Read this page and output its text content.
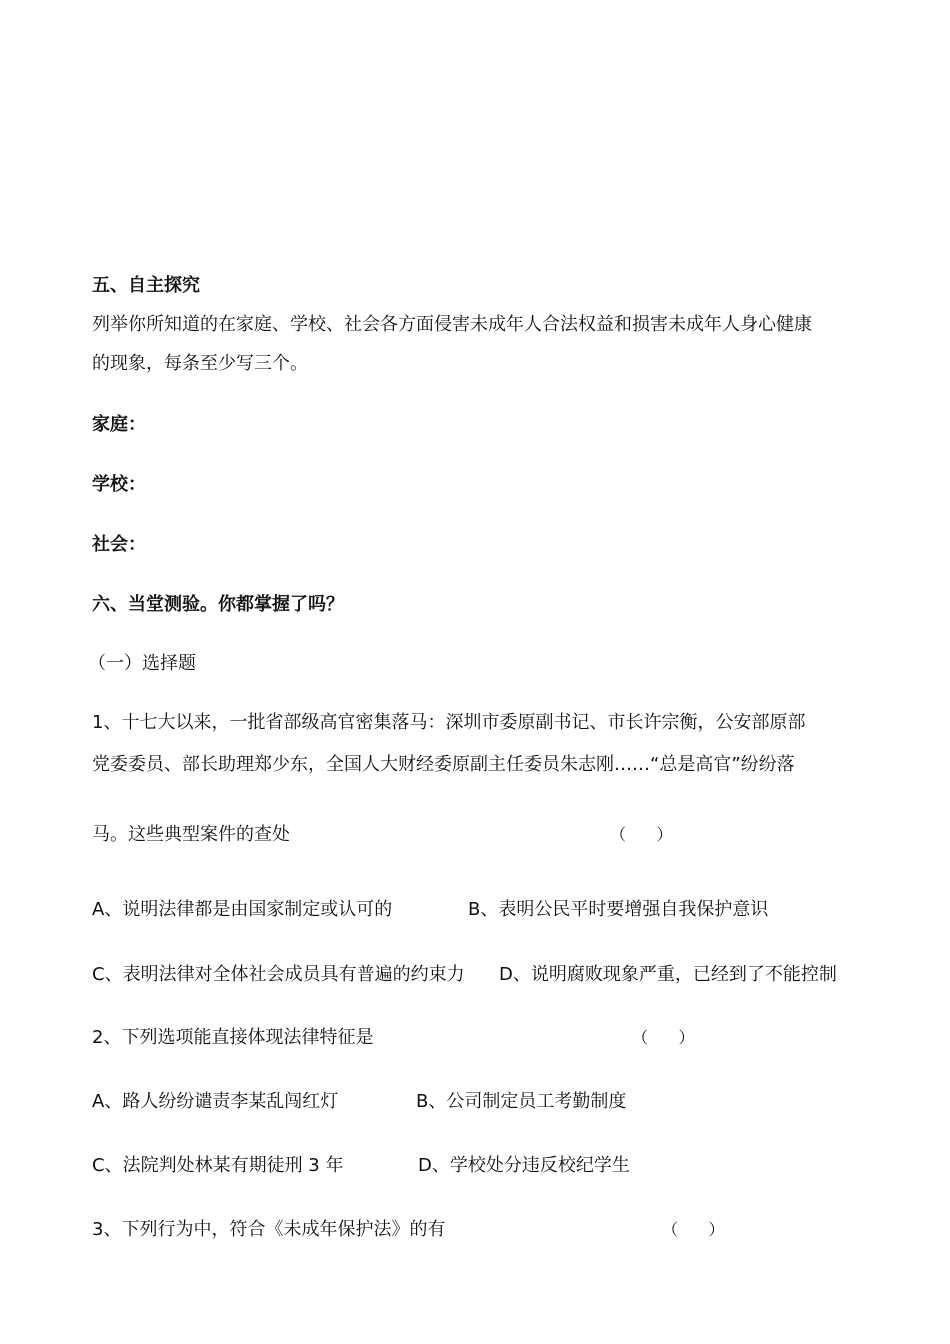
五、自主探究
列举你所知道的在家庭、学校、社会各方面侵害未成年人合法权益和损害未成年人身心健康
的现象，每条至少写三个。
家庭：
学校：
社会：
六、当堂测验。你都掌握了吗？
（一）选择题
1、十七大以来，一批省部级高官密集落马：深圳市委原副书记、市长许宗衡，公安部原部
党委委员、部长助理郑少东，全国人大财经委原副主任委员朱志刚……“总是高官”纷纷落
马。这些典型案件的查处	（      ）
A、说明法律都是由国家制定或认可的	B、表明公民平时要增强自我保护意识
C、表明法律对全体社会成员具有普遍的约束力 D、说明腐败现象严重，已经到了不能控制
2、下列选项能直接体现法律特征是	（      ）
A、路人纷纷谴责李某乱闯红灯	B、公司制定员工考勤制度
C、法院判处林某有期徒刑 3 年	D、学校处分违反校纪学生
3、下列行为中，符合《未成年保护法》的有	（      ）
